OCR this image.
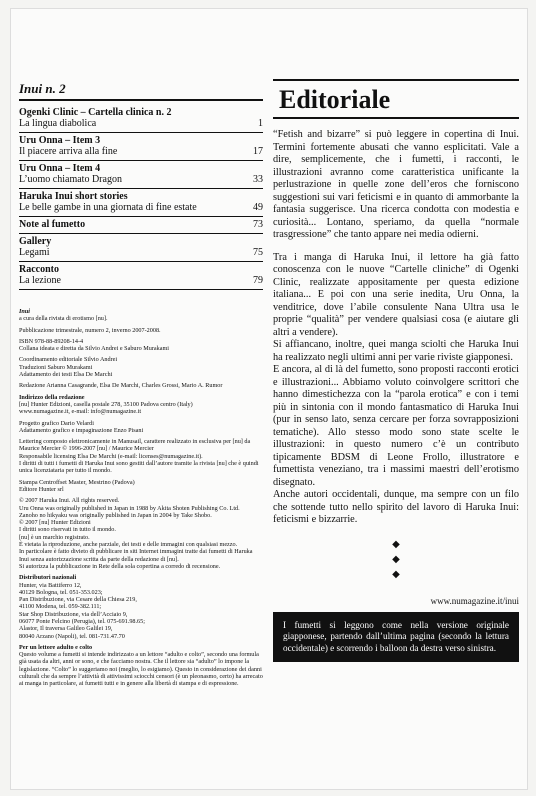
Inui n. 2
Ogenki Clinic – Cartella clinica n. 2
La lingua diabolica	1
Uru Onna – Item 3
Il piacere arriva alla fine	17
Uru Onna – Item 4
L’uomo chiamato Dragon	33
Haruka Inui short stories
Le belle gambe in una giornata di fine estate	49
Note al fumetto	73
Gallery
Legami	75
Racconto
La lezione	79

Inui

a cura della rivista di erotismo [nu].

Pubblicazione trimestrale, numero 2, inverno 2007-2008.

ISBN 978-88-89208-14-4

Collana ideata e diretta da Silvio Andrei e Saburo Murakami

Coordinamento editoriale Silvio Andrei

Traduzioni Saburo Murakami

Adattamento dei testi Elsa De Marchi

Redazione Arianna Casagrande, Elsa De Marchi, Charles Grossi, Mario A. Rumor

Indirizzo della redazione

[nu] Hunter Edizioni, casella postale 278, 35100 Padova centro (Italy)

www.numagazine.it, e-mail: info@numagazine.it

Progetto grafico Dario Velardi

Adattamento grafico e impaginazione Enzo Pisani

Lettering composto elettronicamente in Manusail, carattere realizzato in esclusiva per [nu] da Maurice Mercier © 1996-2007 [nu] / Maurice Mercier

Responsabile licensing Elsa De Marchi (e-mail: licenses@numagazine.it).

I diritti di tutti i fumetti di Haruka Inui sono gestiti dall’autore tramite la rivista [nu] che è quindi unica licenziataria per tutto il mondo.

Stampa Centroffset Master, Mestrino (Padova)

Editore Hunter srl

© 2007 Haruka Inui. All rights reserved.

Uru Onna was originally published in Japan in 1988 by Akita Shoten Publishing Co. Ltd.

Zanoho no hikyaku was originally published in Japan in 2004 by Take Shobo.

© 2007 [nu] Hunter Edizioni

I diritti sono riservati in tutto il mondo.

[nu] è un marchio registrato.

È vietata la riproduzione, anche parziale, dei testi e delle immagini con qualsiasi mezzo.

In particolare è fatto divieto di pubblicare in siti Internet immagini tratte dai fumetti di Haruka Inui senza autorizzazione scritta da parte della redazione di [nu].

Si autorizza la pubblicazione in Rete della sola copertina a corredo di recensione.

Distributori nazionali

Hunter, via Battiferro 12,

40129 Bologna, tel. 051-353.023;

Pan Distribuzione, via Cesare della Chiesa 219,

41100 Modena, tel. 059-382.111;

Star Shop Distribuzione, via dell’Acciaio 9,

06077 Ponte Felcino (Perugia), tel. 075-691.98.65;

Alastor, Il traversa Galileo Galilei 19,

80040 Arzano (Napoli), tel. 081-731.47.70

Per un lettore adulto e colto

Questo volume a fumetti si intende indirizzato a un lettore “adulto e colto”, secondo una formula già usata da altri, anni or sono, e che facciamo nostra. Che il lettore sia “adulto” lo impone la legislazione. “Colto” lo suggeriamo noi (meglio, lo esigiamo). Questo in considerazione dei danni culturali che da sempre l’attività di attivissimi sciocchi censori (è un pleonasmo, certo) ha arrecato ai manga in particolare, ai fumetti tutti e in genere alla libertà di stampa e di espressione.

Editoriale

“Fetish and bizarre” si può leggere in copertina di Inui. Termini fortemente abusati che vanno esplicitati. Vale a dire, semplicemente, che i fumetti, i racconti, le illustrazioni avranno come caratteristica unificante la perlustrazione in quelle zone dell’eros che forniscono suggestioni sui vari feticismi e in quanto di ammorbante la fantasia suggerisce. Una ricerca condotta con modestia e curiosità... Lontano, speriamo, da quella “normale trasgressione” che tanto appare nei media odierni.

Tra i manga di Haruka Inui, il lettore ha già fatto conoscenza con le nuove “Cartelle cliniche” di Ogenki Clinic, realizzate appositamente per questa edizione italiana... E poi con una serie inedita, Uru Onna, la venditrice, dove l’abile consulente Nana Ultra usa le proprie “qualità” per vendere qualsiasi cosa (e aiutare gli altri a vendere).

Si affiancano, inoltre, quei manga sciolti che Haruka Inui ha realizzato negli ultimi anni per varie riviste giapponesi.

E ancora, al di là del fumetto, sono proposti racconti erotici e illustrazioni... Abbiamo voluto coinvolgere scrittori che hanno dimestichezza con la “parola erotica” e con i temi più in sintonia con il mondo fantasmatico di Haruka Inui (pur in senso lato, senza cercare per forza sovrapposizioni tematiche). Allo stesso modo sono state scelte le illustrazioni: in questo numero c’è un contributo tipicamente BDSM di Leone Frollo, illustratore e fumettista veneziano, tra i massimi maestri dell’erotismo disegnato.

Anche autori occidentali, dunque, ma sempre con un filo che sottende tutto nello spirito del lavoro di Haruka Inui: feticismi e bizzarrie.

◆
◆
◆
www.numagazine.it/inui
I fumetti si leggono come nella versione originale giapponese, partendo dall’ultima pagina (secondo la lettura occidentale) e scorrendo i balloon da destra verso sinistra.
